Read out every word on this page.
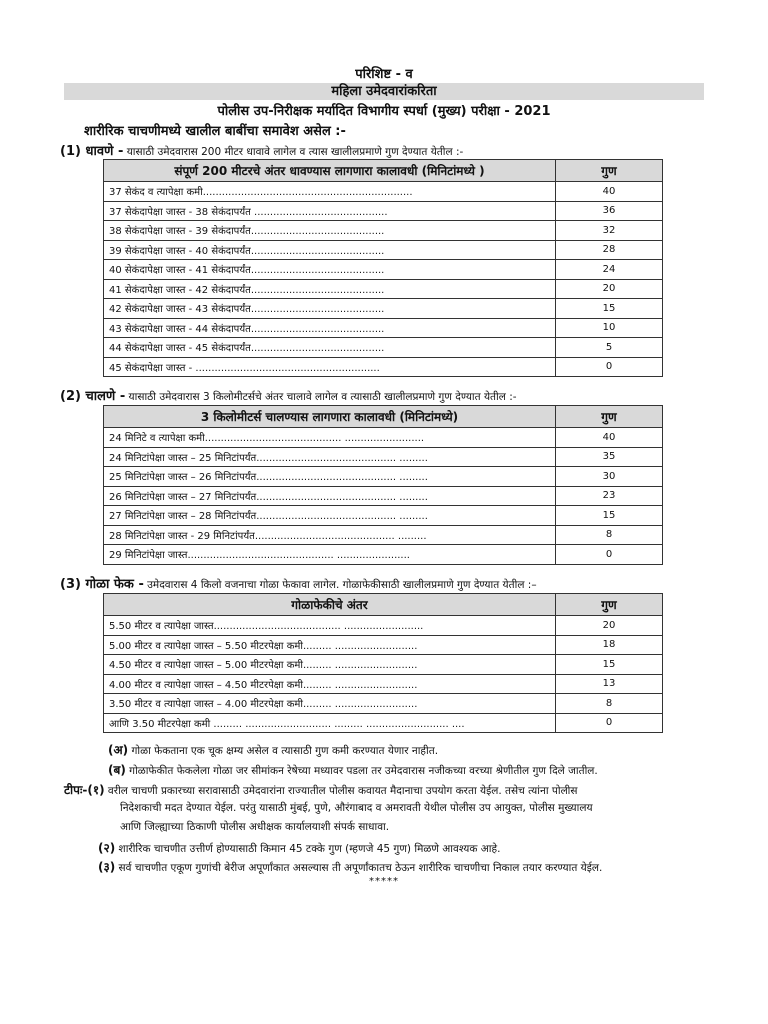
परिशिष्ट - व
महिला उमेदवारांकरिता
पोलीस उप-निरीक्षक मर्यादित विभागीय स्पर्धा (मुख्य) परीक्षा - 2021
शारीरिक चाचणीमध्ये खालील बाबींचा समावेश असेल :-
(1) धावणे - यासाठी उमेदवारास 200 मीटर धावावे लागेल व त्यास खालीलप्रमाणे गुण देण्यात येतील :-
संपूर्ण 200 मीटरचे अंतर धावण्यास लागणारा कालावधी (मिनिटांमध्ये )	गुण
37 सेकंद व त्यापेक्षा कमी..................................................................	40
37 सेकंदापेक्षा जास्त - 38 सेकंदापर्यंत ..........................................	36
38 सेकंदापेक्षा जास्त - 39 सेकंदापर्यंत..........................................	32
39 सेकंदापेक्षा जास्त - 40 सेकंदापर्यंत..........................................	28
40 सेकंदापेक्षा जास्त - 41 सेकंदापर्यंत..........................................	24
41 सेकंदापेक्षा जास्त - 42 सेकंदापर्यंत..........................................	20
42 सेकंदापेक्षा जास्त - 43 सेकंदापर्यंत..........................................	15
43 सेकंदापेक्षा जास्त - 44 सेकंदापर्यंत..........................................	10
44 सेकंदापेक्षा जास्त - 45 सेकंदापर्यंत..........................................	5
45 सेकंदापेक्षा जास्त - ..........................................................	0
(2) चालणे - यासाठी उमेदवारास 3 किलोमीटर्सचे अंतर चालावे लागेल व त्यासाठी खालीलप्रमाणे गुण देण्यात येतील :-
3 किलोमीटर्स चालण्यास लागणारा कालावधी (मिनिटांमध्ये)	गुण
24 मिनिटे व त्यापेक्षा कमी........................................... .........................	40
24 मिनिटांपेक्षा जास्त – 25 मिनिटांपर्यंत............................................ .........	35
25 मिनिटांपेक्षा जास्त – 26 मिनिटांपर्यंत............................................ .........	30
26 मिनिटांपेक्षा जास्त – 27 मिनिटांपर्यंत............................................ .........	23
27 मिनिटांपेक्षा जास्त – 28 मिनिटांपर्यंत............................................ .........	15
28 मिनिटांपेक्षा जास्त - 29 मिनिटांपर्यंत............................................ .........	8
29 मिनिटांपेक्षा जास्त.............................................. .......................	0
(3) गोळा फेक - उमेदवारास 4 किलो वजनाचा गोळा फेकावा लागेल. गोळाफेकीसाठी खालीलप्रमाणे गुण देण्यात येतील :–
गोळाफेकीचे अंतर	गुण
5.50 मीटर व त्यापेक्षा जास्त........................................ .........................	20
5.00 मीटर व त्यापेक्षा जास्त – 5.50 मीटरपेक्षा कमी......... ..........................	18
4.50 मीटर व त्यापेक्षा जास्त – 5.00 मीटरपेक्षा कमी......... ..........................	15
4.00 मीटर व त्यापेक्षा जास्त – 4.50 मीटरपेक्षा कमी......... ..........................	13
3.50 मीटर व त्यापेक्षा जास्त – 4.00 मीटरपेक्षा कमी......... ..........................	8
आणि 3.50 मीटरपेक्षा कमी ......... ........................... ......... .......................... ....	0
(अ) गोळा फेकताना एक चूक क्षम्य असेल व त्यासाठी गुण कमी करण्यात येणार नाहीत.
(ब) गोळाफेकीत फेकलेला गोळा जर सीमांकन रेषेच्या मध्यावर पडला तर उमेदवारास नजीकच्या वरच्या श्रेणीतील गुण दिले जातील.
टीपः-(१) वरील चाचणी प्रकारच्या सरावासाठी उमेदवारांना राज्यातील पोलीस कवायत मैदानाचा उपयोग करता येईल. तसेच त्यांना पोलीस
निदेशकाची मदत देण्यात येईल. परंतु यासाठी मुंबई, पुणे, औरंगाबाद व अमरावती येथील पोलीस उप आयुक्त, पोलीस मुख्यालय
आणि जिल्ह्याच्या ठिकाणी पोलीस अधीक्षक कार्यालयाशी संपर्क साधावा.
(२) शारीरिक चाचणीत उत्तीर्ण होण्यासाठी किमान 45 टक्के गुण (म्हणजे 45 गुण) मिळणे आवश्यक आहे.
(३) सर्व चाचणीत एकूण गुणांची बेरीज अपूर्णांकात असल्यास ती अपूर्णांकातच ठेऊन शारीरिक चाचणीचा निकाल तयार करण्यात येईल.
*****
